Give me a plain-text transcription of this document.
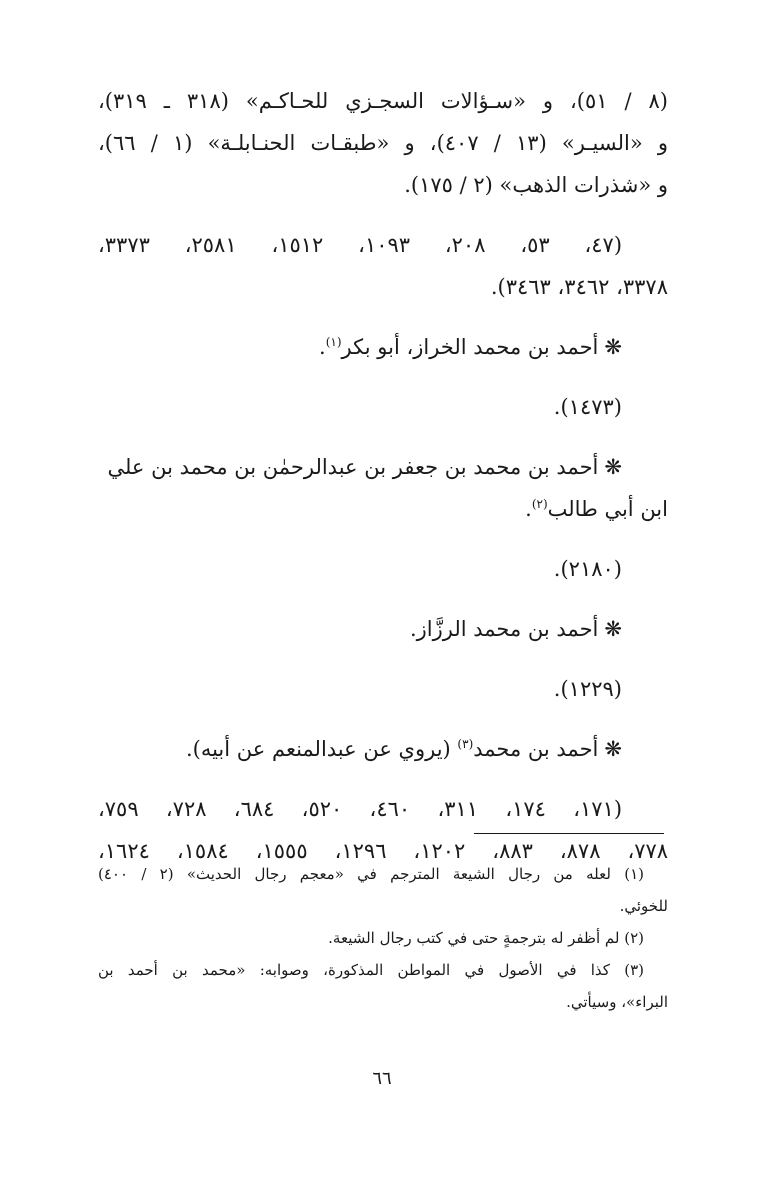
(٨ / ٥١)، و «سـؤالات السجـزي للحـاكـم» (٣١٨ ـ ٣١٩)،
و «السيـر» (١٣ / ٤٠٧)، و «طبقـات الحنـابلـة» (١ / ٦٦)،
و «شذرات الذهب» (٢ / ١٧٥).
(٤٧، ٥٣، ٢٠٨، ١٠٩٣، ١٥١٢، ٢٥٨١، ٣٣٧٣،
٣٣٧٨، ٣٤٦٢، ٣٤٦٣).
❋أحمد بن محمد الخراز، أبو بكر$^{(١)}$.
.(١٤٧٣)
❋أحمد بن محمد بن جعفر بن عبدالرحمٰن بن محمد بن علي
ابن أبي طالب$^{(٢)}$.
.(٢١٨٠)
❋أحمد بن محمد الرزَّاز.
.(١٢٢٩)
❋أحمد بن محمد$^{(٣)}$ (يروي عن عبدالمنعم عن أبيه).
(١٧١، ١٧٤، ٣١١، ٤٦٠، ٥٢٠، ٦٨٤، ٧٢٨، ٧٥٩،
٧٧٨، ٨٧٨، ٨٨٣، ١٢٠٢، ١٢٩٦، ١٥٥٥، ١٥٨٤، ١٦٢٤،
(١) لعله من رجال الشيعة المترجم في «معجم رجال الحديث» (٢ / ٤٠٠)
للخوئي.
(٢) لم أظفر له بترجمةٍ حتى في كتب رجال الشيعة.
(٣) كذا في الأصول في المواطن المذكورة، وصوابه: «محمد بن أحمد بن
البراء»، وسيأتي.
٦٦
